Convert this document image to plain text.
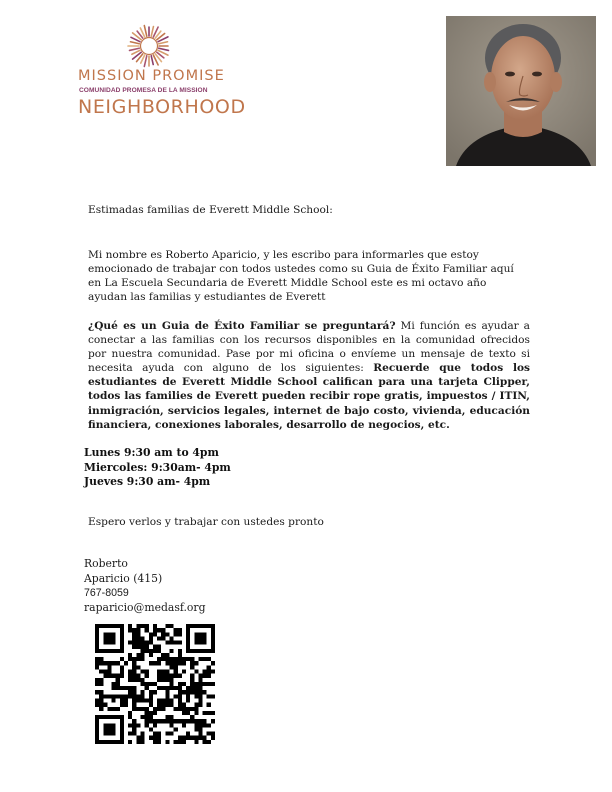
MISSION PROMISE
COMUNIDAD PROMESA DE LA MISSION
NEIGHBORHOOD
Estimadas familias de Everett Middle School:
Mi nombre es Roberto Aparicio, y les escribo para informarles que estoy emocionado de trabajar con todos ustedes como su Guia de Éxito Familiar aquí en La Escuela Secundaria de Everett Middle School este es mi octavo año ayudan las familias y estudiantes de Everett
¿Qué es un Guia de Éxito Familiar se preguntará? Mi función es ayudar a conectar a las familias con los recursos disponibles en la comunidad ofrecidos por nuestra comunidad. Pase por mi oficina o envíeme un mensaje de texto si necesita ayuda con alguno de los siguientes: Recuerde que todos los estudiantes de Everett Middle School califican para una tarjeta Clipper, todos las families de Everett pueden recibir rope gratis, impuestos / ITIN, inmigración, servicios legales, internet de bajo costo, vivienda, educación financiera, conexiones laborales, desarrollo de negocios, etc.
Lunes 9:30 am to 4pm
Miercoles: 9:30am- 4pm
Jueves 9:30 am- 4pm
Espero verlos y trabajar con ustedes pronto
Roberto
Aparicio (415)
767-8059
raparicio@medasf.org
